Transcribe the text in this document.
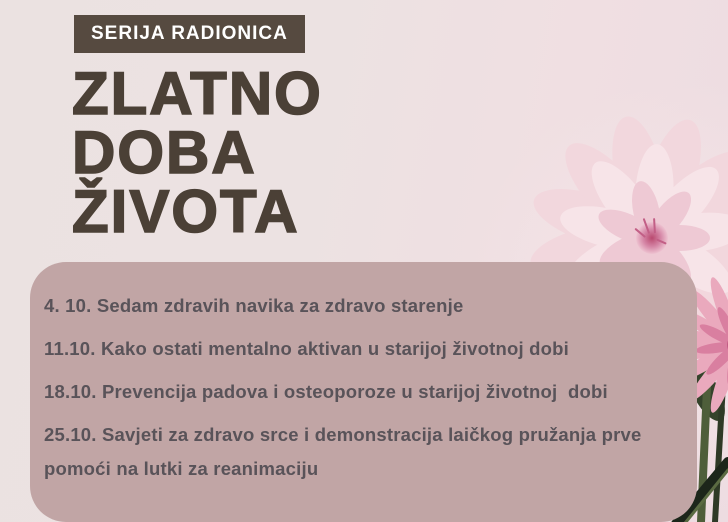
SERIJA RADIONICA
ZLATNO
DOBA
ŽIVOTA

4. 10. Sedam zdravih navika za zdravo starenje

11.10. Kako ostati mentalno aktivan u starijoj životnoj dobi

18.10. Prevencija padova i osteoporoze u starijoj životnoj  dobi

25.10. Savjeti za zdravo srce i demonstracija laičkog pružanja prve pomoći na lutki za reanimaciju
